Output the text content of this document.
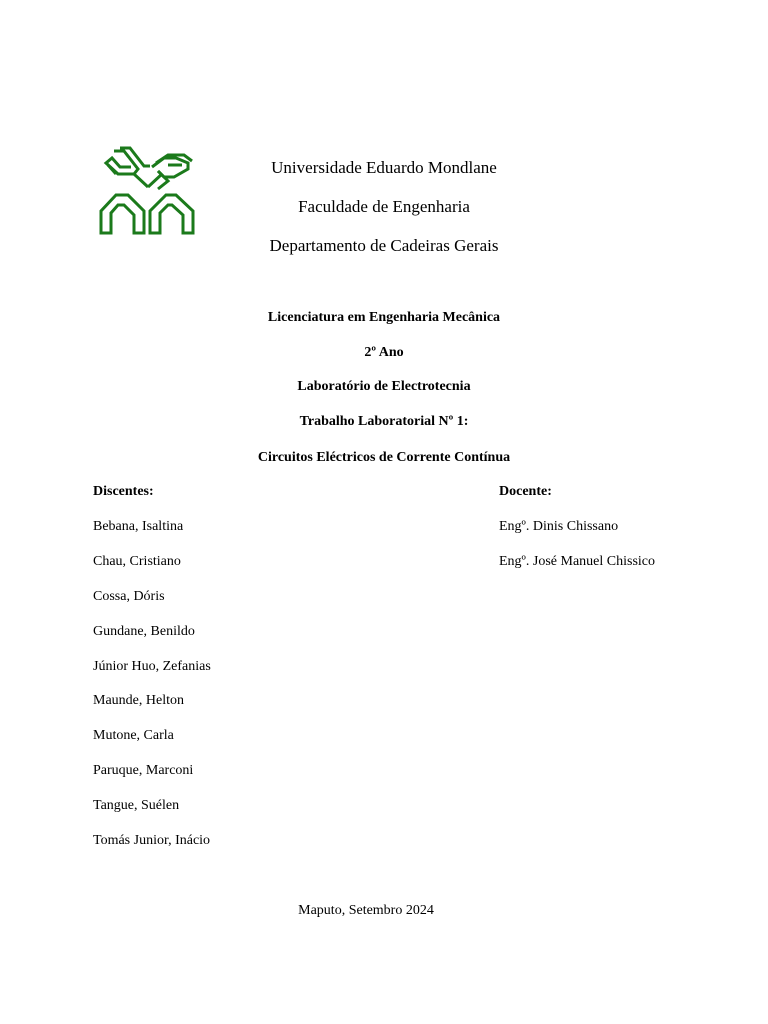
Universidade Eduardo Mondlane
Faculdade de Engenharia
Departamento de Cadeiras Gerais
Licenciatura em Engenharia Mecânica
2º Ano
Laboratório de Electrotecnia
Trabalho Laboratorial Nº 1:
Circuitos Eléctricos de Corrente Contínua
Discentes:	Docente:
Bebana, Isaltina
Chau, Cristiano
Cossa, Dóris
Gundane, Benildo
Júnior Huo, Zefanias
Maunde, Helton
Mutone, Carla
Paruque, Marconi
Tangue, Suélen
Tomás Junior, Inácio
Engº. Dinis Chissano
Engº. José Manuel Chissico
Maputo, Setembro 2024
